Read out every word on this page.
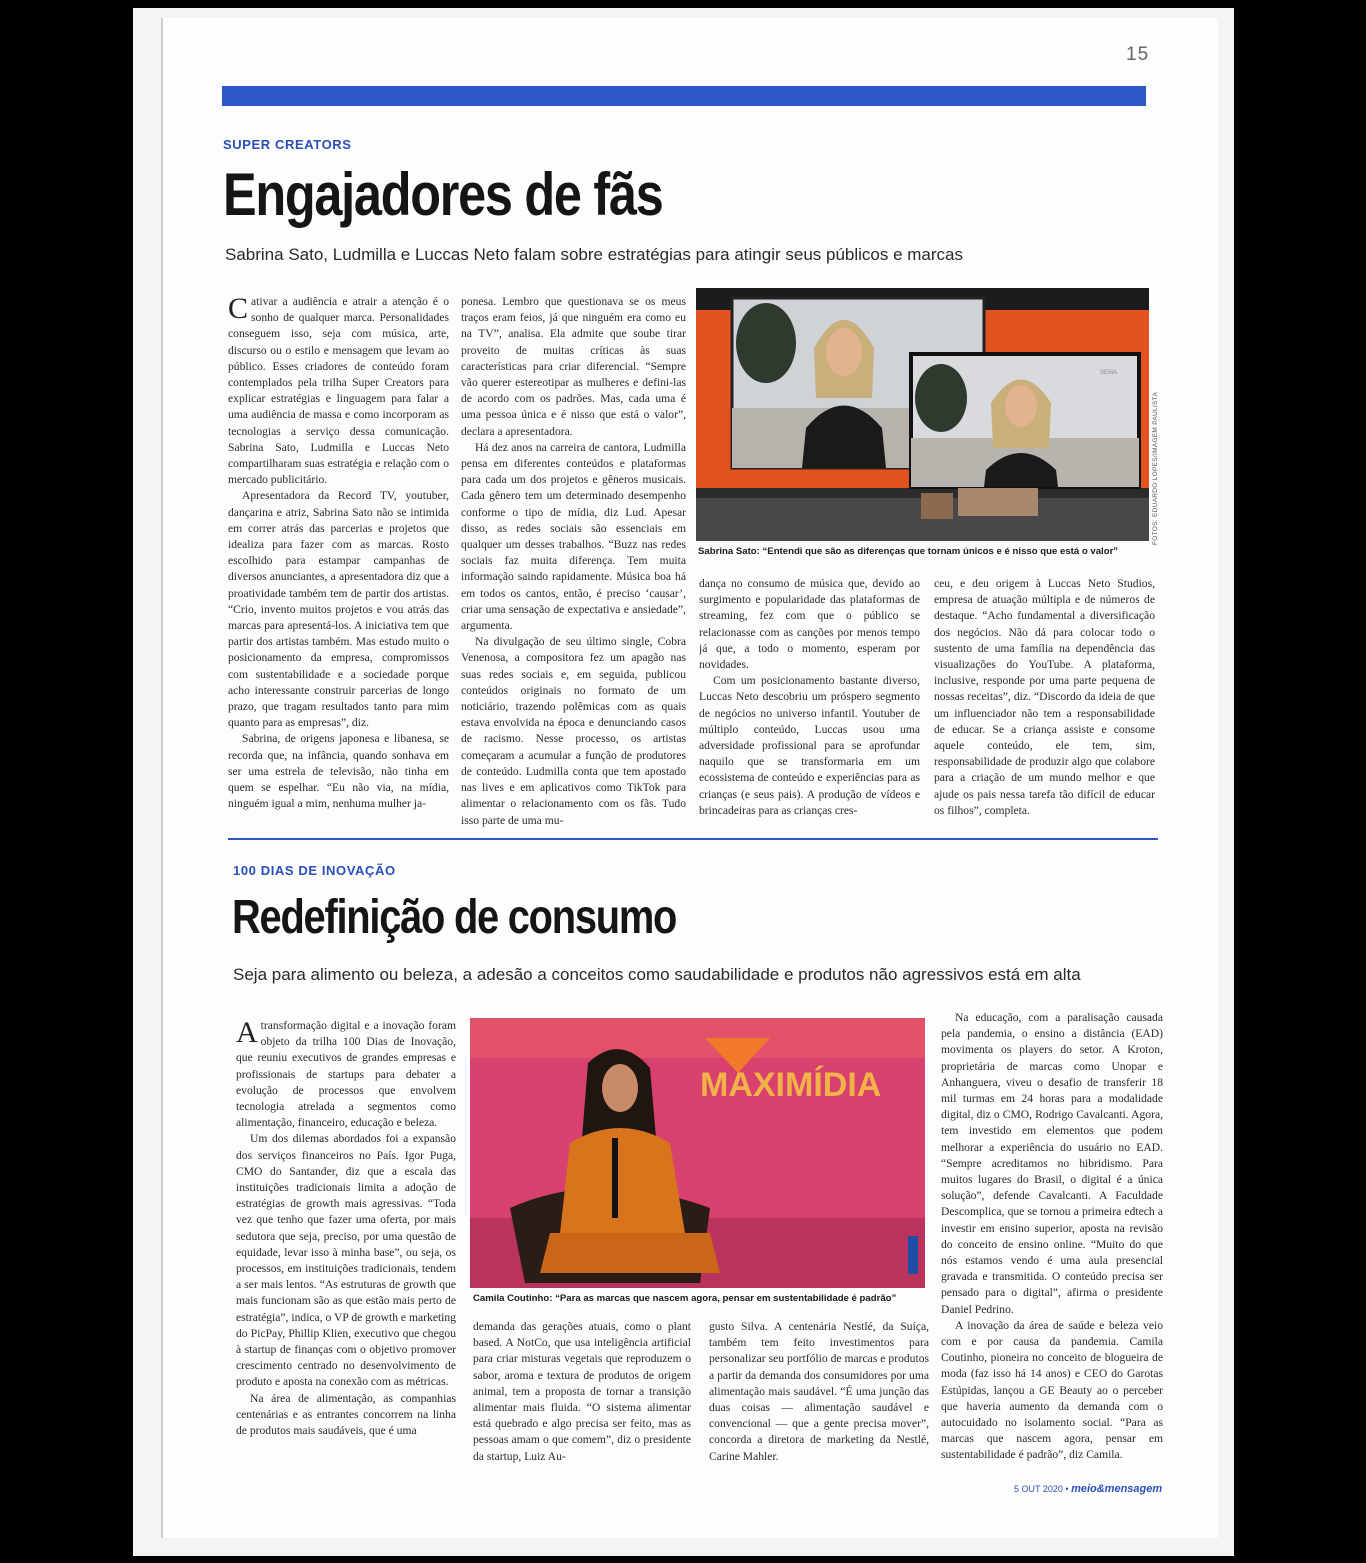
15
SUPER CREATORS
Engajadores de fãs
Sabrina Sato, Ludmilla e Luccas Neto falam sobre estratégias para atingir seus públicos e marcas

Cativar a audiência e atrair a atenção é o sonho de qualquer marca. Personalidades conseguem isso, seja com música, arte, discurso ou o estilo e mensagem que levam ao público. Esses criadores de conteúdo foram contemplados pela trilha Super Creators para explicar estratégias e linguagem para falar a uma audiência de massa e como incorporam as tecnologias a serviço dessa comunicação. Sabrina Sato, Ludmilla e Luccas Neto compartilharam suas estratégia e relação com o mercado publicitário.

Apresentadora da Record TV, youtuber, dançarina e atriz, Sabrina Sato não se intimida em correr atrás das parcerias e projetos que idealiza para fazer com as marcas. Rosto escolhido para estampar campanhas de diversos anunciantes, a apresentadora diz que a proatividade também tem de partir dos artistas. “Crio, invento muitos projetos e vou atrás das marcas para apresentá-los. A iniciativa tem que partir dos artistas também. Mas estudo muito o posicionamento da empresa, compromissos com sustentabilidade e a sociedade porque acho interessante construir parcerias de longo prazo, que tragam resultados tanto para mim quanto para as empresas”, diz.

Sabrina, de origens japonesa e libanesa, se recorda que, na infância, quando sonhava em ser uma estrela de televisão, não tinha em quem se espelhar. “Eu não via, na mídia, ninguém igual a mim, nenhuma mulher ja-

ponesa. Lembro que questionava se os meus traços eram feios, já que ninguém era como eu na TV”, analisa. Ela admite que soube tirar proveito de muitas críticas às suas características para criar diferencial. “Sempre vão querer estereotipar as mulheres e defini-las de acordo com os padrões. Mas, cada uma é uma pessoa única e é nisso que está o valor”, declara a apresentadora.

Há dez anos na carreira de cantora, Ludmilla pensa em diferentes conteúdos e plataformas para cada um dos projetos e gêneros musicais. Cada gênero tem um determinado desempenho conforme o tipo de mídia, diz Lud. Apesar disso, as redes sociais são essenciais em qualquer um desses trabalhos. “Buzz nas redes sociais faz muita diferença. Tem muita informação saindo rapidamente. Música boa há em todos os cantos, então, é preciso ‘causar’, criar uma sensação de expectativa e ansiedade”, argumenta.

Na divulgação de seu último single, Cobra Venenosa, a compositora fez um apagão nas suas redes sociais e, em seguida, publicou conteúdos originais no formato de um noticiário, trazendo polêmicas com as quais estava envolvida na época e denunciando casos de racismo. Nesse processo, os artistas começaram a acumular a função de produtores de conteúdo. Ludmilla conta que tem apostado nas lives e em aplicativos como TikTok para alimentar o relacionamento com os fãs. Tudo isso parte de uma mu-

SEMA
FOTOS: EDUARDO LOPES/IMAGEM PAULISTA
Sabrina Sato: “Entendi que são as diferenças que tornam únicos e é nisso que está o valor”

dança no consumo de música que, devido ao surgimento e popularidade das plataformas de streaming, fez com que o público se relacionasse com as canções por menos tempo já que, a todo o momento, esperam por novidades.

Com um posicionamento bastante diverso, Luccas Neto descobriu um próspero segmento de negócios no universo infantil. Youtuber de múltiplo conteúdo, Luccas usou uma adversidade profissional para se aprofundar naquilo que se transformaria em um ecossistema de conteúdo e experiências para as crianças (e seus pais). A produção de vídeos e brincadeiras para as crianças cres-

ceu, e deu origem à Luccas Neto Studios, empresa de atuação múltipla e de números de destaque. “Acho fundamental a diversificação dos negócios. Não dá para colocar todo o sustento de uma família na dependência das visualizações do YouTube. A plataforma, inclusive, responde por uma parte pequena de nossas receitas”, diz. “Discordo da ideia de que um influenciador não tem a responsabilidade de educar. Se a criança assiste e consome aquele conteúdo, ele tem, sim, responsabilidade de produzir algo que colabore para a criação de um mundo melhor e que ajude os pais nessa tarefa tão difícil de educar os filhos”, completa.

100 DIAS DE INOVAÇÃO
Redefinição de consumo
Seja para alimento ou beleza, a adesão a conceitos como saudabilidade e produtos não agressivos está em alta

Atransformação digital e a inovação foram objeto da trilha 100 Dias de Inovação, que reuniu executivos de grandes empresas e profissionais de startups para debater a evolução de processos que envolvem tecnologia atrelada a segmentos como alimentação, financeiro, educação e beleza.

Um dos dilemas abordados foi a expansão dos serviços financeiros no País. Igor Puga, CMO do Santander, diz que a escala das instituições tradicionais limita a adoção de estratégias de growth mais agressivas. “Toda vez que tenho que fazer uma oferta, por mais sedutora que seja, preciso, por uma questão de equidade, levar isso à minha base”, ou seja, os processos, em instituições tradicionais, tendem a ser mais lentos. “As estruturas de growth que mais funcionam são as que estão mais perto de estratégia”, indica, o VP de growth e marketing do PicPay, Phillip Klien, executivo que chegou à startup de finanças com o objetivo promover crescimento centrado no desenvolvimento de produto e aposta na conexão com as métricas.

Na área de alimentação, as companhias centenárias e as entrantes concorrem na linha de produtos mais saudáveis, que é uma

MAXIMÍDIA
Camila Coutinho: “Para as marcas que nascem agora, pensar em sustentabilidade é padrão”

demanda das gerações atuais, como o plant based. A NotCo, que usa inteligência artificial para criar misturas vegetais que reproduzem o sabor, aroma e textura de produtos de origem animal, tem a proposta de tornar a transição alimentar mais fluida. “O sistema alimentar está quebrado e algo precisa ser feito, mas as pessoas amam o que comem”, diz o presidente da startup, Luiz Au-

gusto Silva. A centenária Nestlé, da Suíça, também tem feito investimentos para personalizar seu portfólio de marcas e produtos a partir da demanda dos consumidores por uma alimentação mais saudável. “É uma junção das duas coisas — alimentação saudável e convencional — que a gente precisa mover”, concorda a diretora de marketing da Nestlé, Carine Mahler.

Na educação, com a paralisação causada pela pandemia, o ensino a distância (EAD) movimenta os players do setor. A Kroton, proprietária de marcas como Unopar e Anhanguera, viveu o desafio de transferir 18 mil turmas em 24 horas para a modalidade digital, diz o CMO, Rodrigo Cavalcanti. Agora, tem investido em elementos que podem melhorar a experiência do usuário no EAD. “Sempre acreditamos no hibridismo. Para muitos lugares do Brasil, o digital é a única solução”, defende Cavalcanti. A Faculdade Descomplica, que se tornou a primeira edtech a investir em ensino superior, aposta na revisão do conceito de ensino online. “Muito do que nós estamos vendo é uma aula presencial gravada e transmitida. O conteúdo precisa ser pensado para o digital”, afirma o presidente Daniel Pedrino.

A inovação da área de saúde e beleza veio com e por causa da pandemia. Camila Coutinho, pioneira no conceito de blogueira de moda (faz isso há 14 anos) e CEO do Garotas Estúpidas, lançou a GE Beauty ao o perceber que haveria aumento da demanda com o autocuidado no isolamento social. “Para as marcas que nascem agora, pensar em sustentabilidade é padrão”, diz Camila.

5 OUT 2020 • meio&mensagem
